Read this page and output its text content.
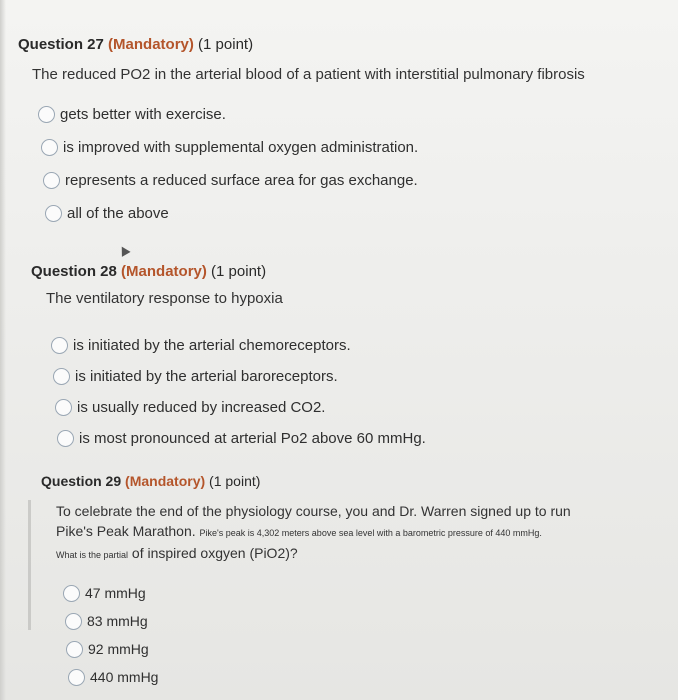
Question 27 (Mandatory) (1 point)
The reduced PO2 in the arterial blood of a patient with interstitial pulmonary fibrosis
gets better with exercise.
is improved with supplemental oxygen administration.
represents a reduced surface area for gas exchange.
all of the above
Question 28 (Mandatory) (1 point)
The ventilatory response to hypoxia
is initiated by the arterial chemoreceptors.
is initiated by the arterial baroreceptors.
is usually reduced by increased CO2.
is most pronounced at arterial Po2 above 60 mmHg.
Question 29 (Mandatory) (1 point)
To celebrate the end of the physiology course, you and Dr. Warren signed up to run
Pike's Peak Marathon. Pike's peak is 4,302 meters above sea level with a barometric pressure of 440 mmHg.
What is the partial of inspired oxgyen (PiO2)?
47 mmHg
83 mmHg
92 mmHg
440 mmHg
